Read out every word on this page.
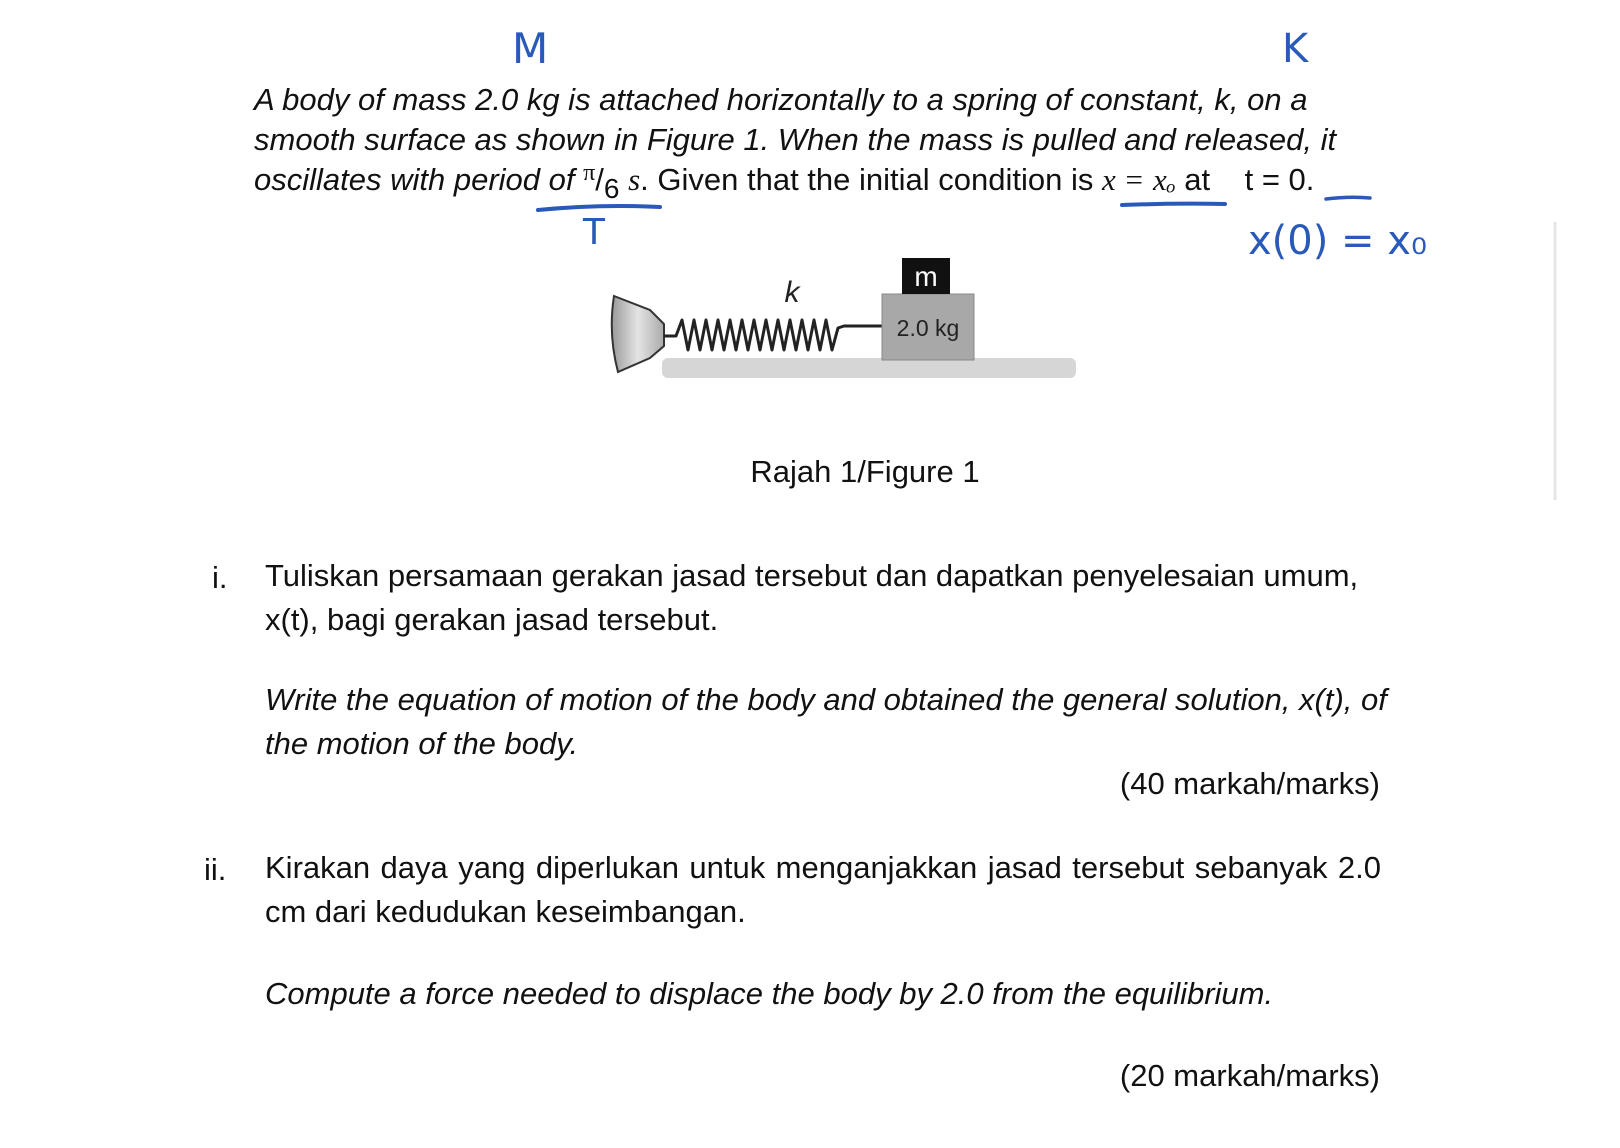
M	K
T	x(0) = x₀
A body of mass 2.0 kg is attached horizontally to a spring of constant, k, on a
smooth surface as shown in Figure 1. When the mass is pulled and released, it
oscillates with period of $^\pi$/6 s. Given that the initial condition is x = xₒ at t = 0.
2.0 kg
m
k
Rajah 1/Figure 1
i. Tuliskan persamaan gerakan jasad tersebut dan dapatkan penyelesaian umum, x(t), bagi gerakan jasad tersebut.
Write the equation of motion of the body and obtained the general solution, x(t), of the motion of the body.
(40 markah/marks)
ii. Kirakan daya yang diperlukan untuk menganjakkan jasad tersebut sebanyak 2.0 cm dari kedudukan keseimbangan.
Compute a force needed to displace the body by 2.0 from the equilibrium.
(20 markah/marks)
